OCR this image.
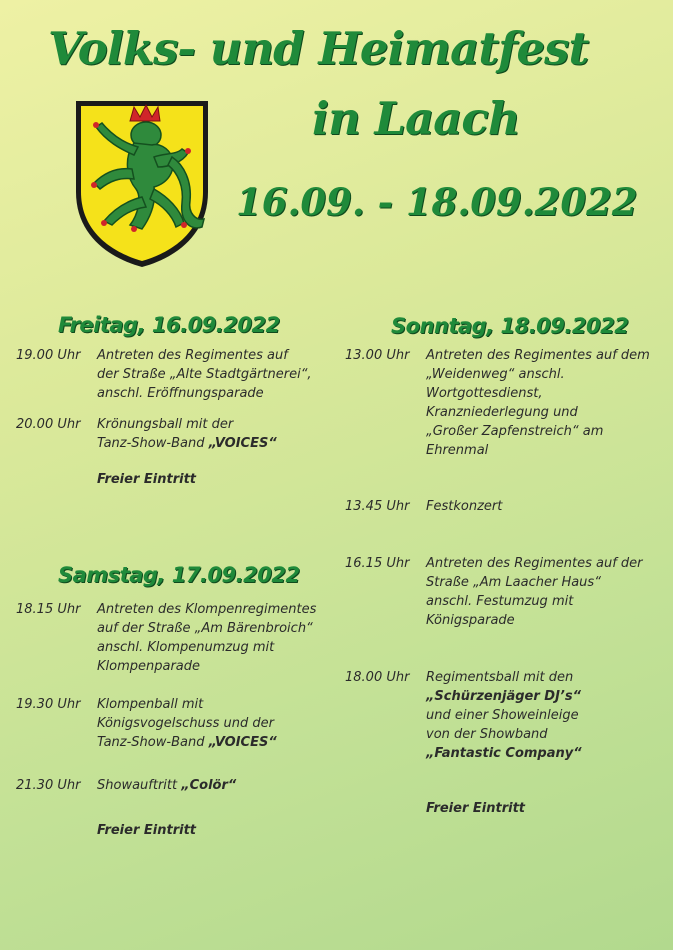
Volks- und Heimatfest
in Laach
16.09. - 18.09.2022
Freitag, 16.09.2022
19.00 Uhr Antreten des Regimentes auf
der Straße „Alte Stadtgärtnerei“,
anschl. Eröffnungsparade
20.00 Uhr Krönungsball mit der
Tanz-Show-Band „VOICES“
Freier Eintritt
Samstag, 17.09.2022
18.15 Uhr Antreten des Klompenregimentes
auf der Straße „Am Bärenbroich“
anschl. Klompenumzug mit
Klompenparade
19.30 Uhr Klompenball mit
Königsvogelschuss und der
Tanz-Show-Band „VOICES“
21.30 Uhr Showauftritt „Colör“
Freier Eintritt
Sonntag, 18.09.2022
13.00 Uhr Antreten des Regimentes auf dem
„Weidenweg“ anschl.
Wortgottesdienst,
Kranzniederlegung und
„Großer Zapfenstreich“ am
Ehrenmal
13.45 Uhr Festkonzert
16.15 Uhr Antreten des Regimentes auf der
Straße „Am Laacher Haus“
anschl. Festumzug mit
Königsparade
18.00 Uhr Regimentsball mit den
„Schürzenjäger DJ’s“
und einer Showeinleige
von der Showband
„Fantastic Company“
Freier Eintritt
